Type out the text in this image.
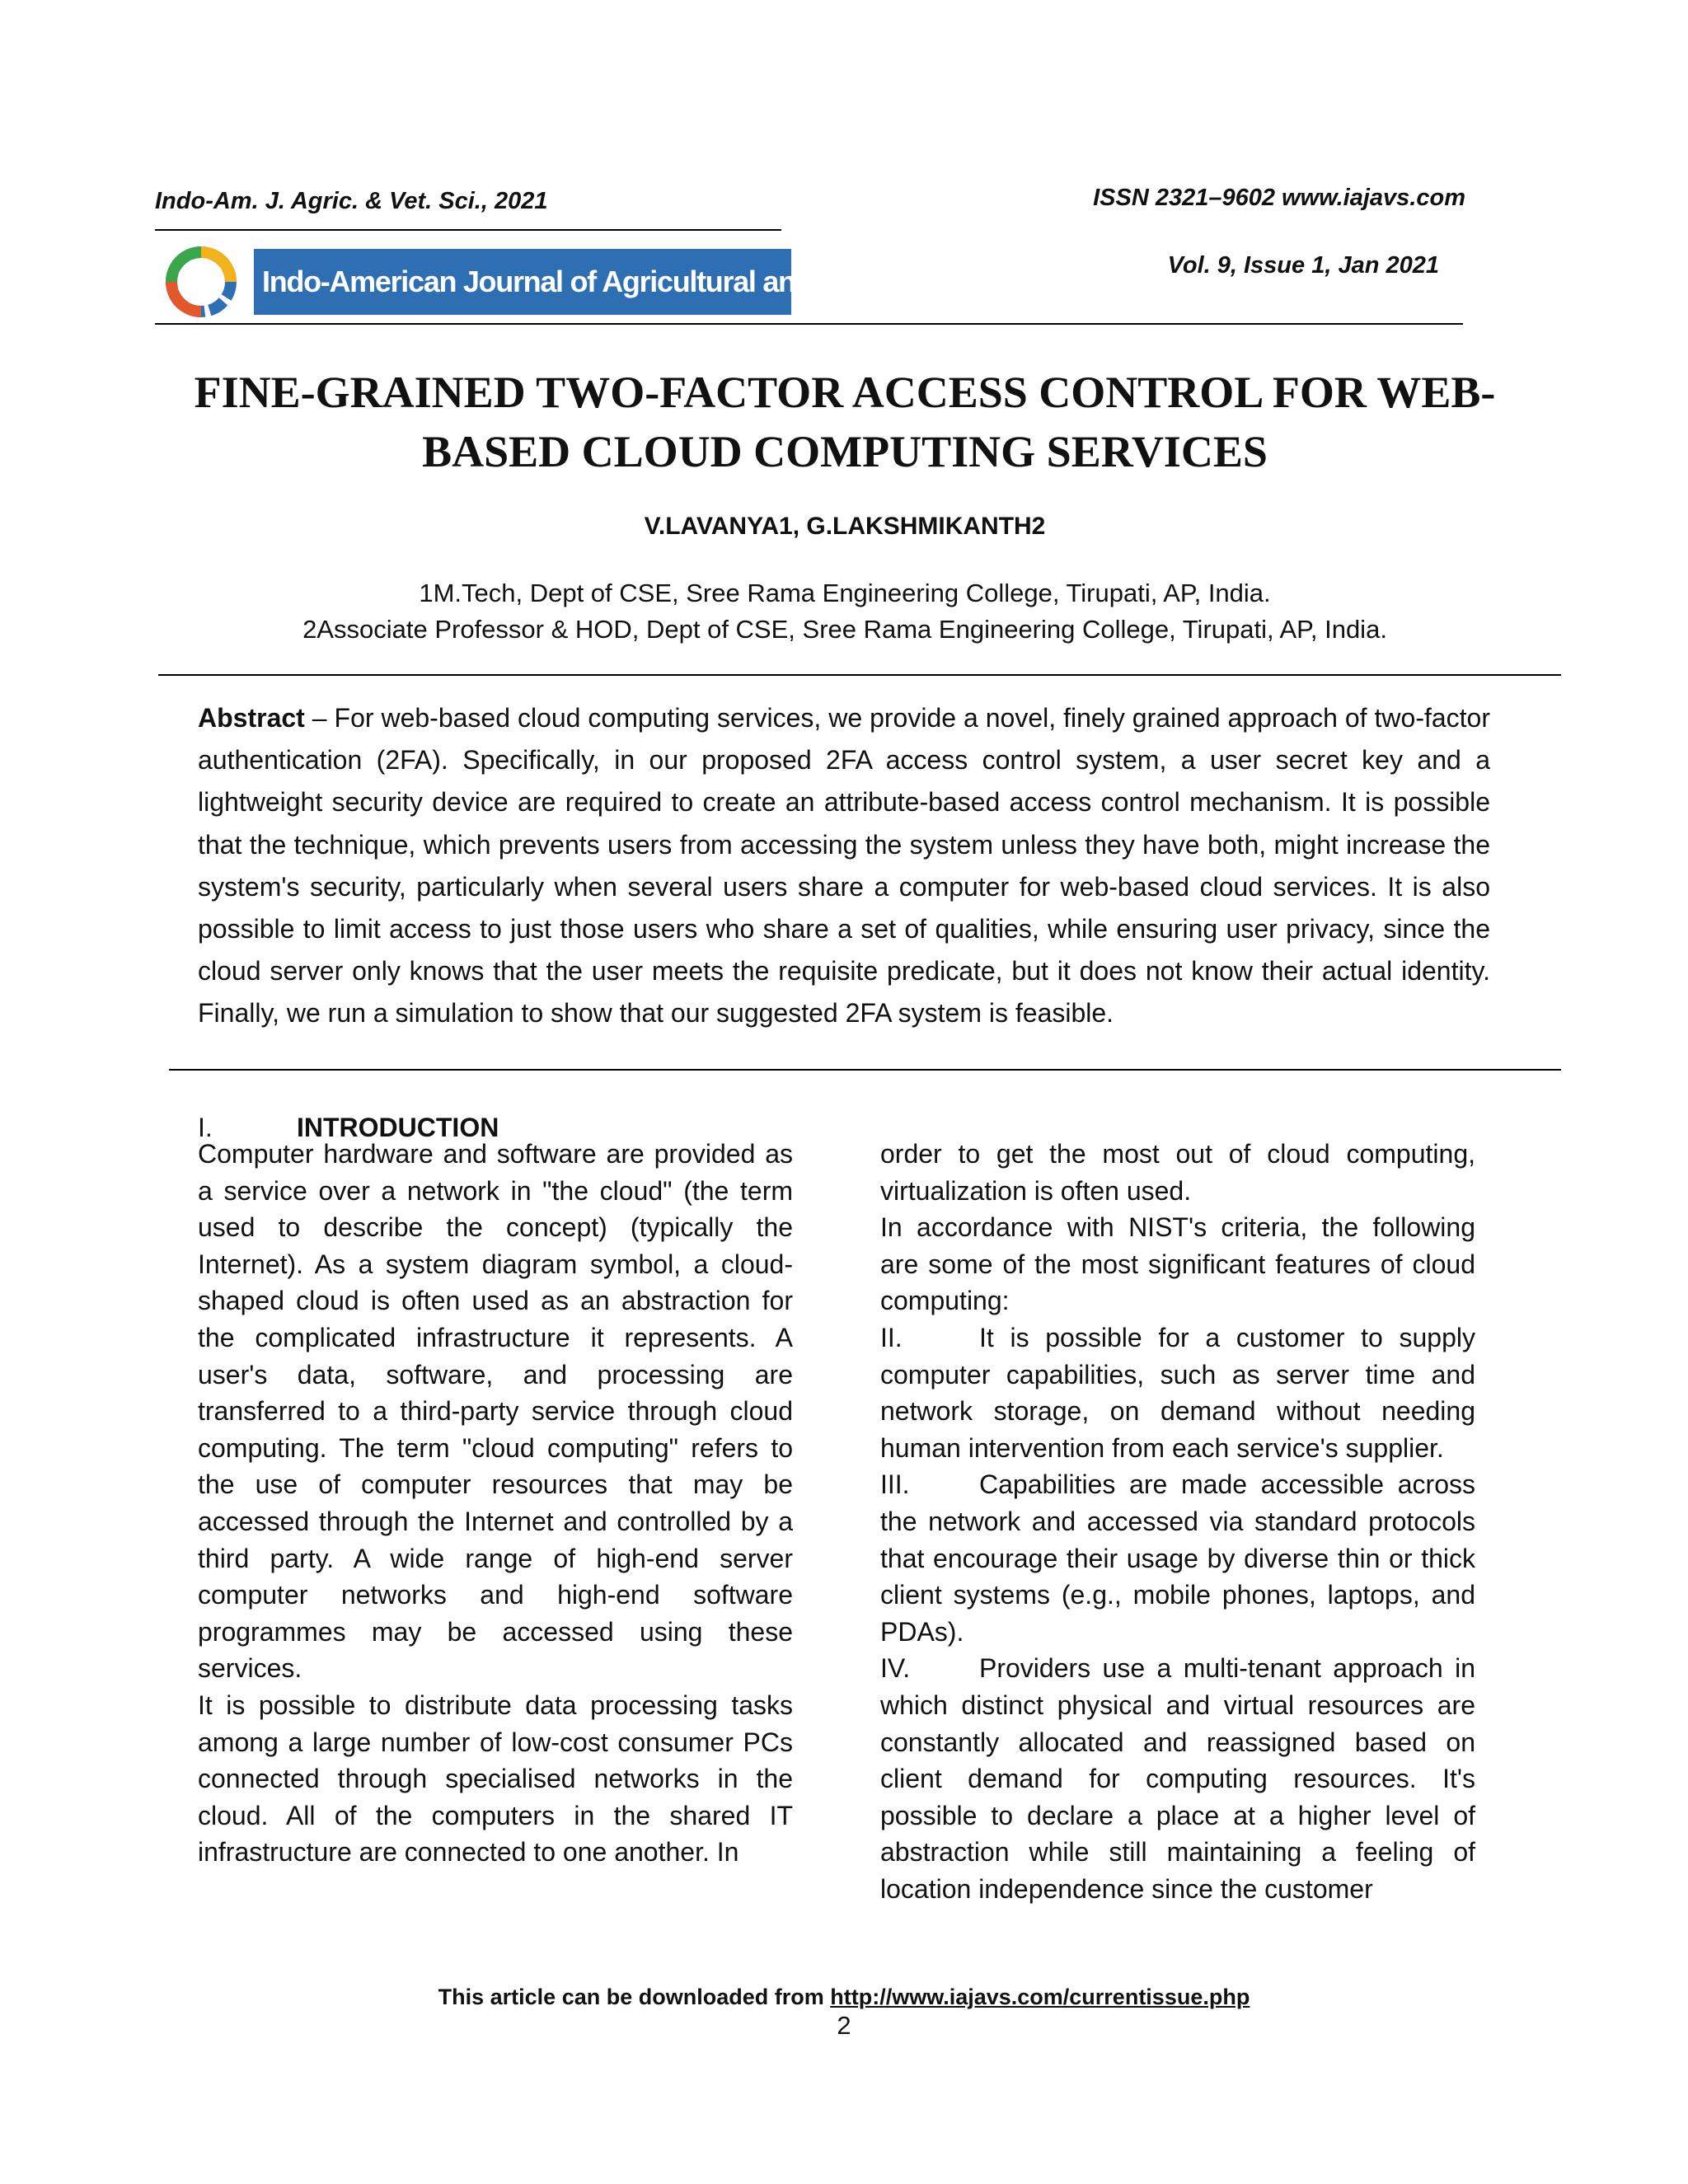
Indo-Am. J. Agric. & Vet. Sci., 2021	ISSN 2321–9602 www.iajavs.com
Vol. 9, Issue 1, Jan 2021
Indo-American Journal of Agricultural and Veterinary Sciences
FINE-GRAINED TWO-FACTOR ACCESS CONTROL FOR WEB-BASED CLOUD COMPUTING SERVICES
V.LAVANYA1, G.LAKSHMIKANTH2
1M.Tech, Dept of CSE, Sree Rama Engineering College, Tirupati, AP, India.
2Associate Professor & HOD, Dept of CSE, Sree Rama Engineering College, Tirupati, AP, India.
Abstract – For web-based cloud computing services, we provide a novel, finely grained approach of two-factor authentication (2FA). Specifically, in our proposed 2FA access control system, a user secret key and a lightweight security device are required to create an attribute-based access control mechanism. It is possible that the technique, which prevents users from accessing the system unless they have both, might increase the system's security, particularly when several users share a computer for web-based cloud services. It is also possible to limit access to just those users who share a set of qualities, while ensuring user privacy, since the cloud server only knows that the user meets the requisite predicate, but it does not know their actual identity. Finally, we run a simulation to show that our suggested 2FA system is feasible.
I.	INTRODUCTION

Computer hardware and software are provided as a service over a network in "the cloud" (the term used to describe the concept) (typically the Internet). As a system diagram symbol, a cloud-shaped cloud is often used as an abstraction for the complicated infrastructure it represents. A user's data, software, and processing are transferred to a third-party service through cloud computing. The term "cloud computing" refers to the use of computer resources that may be accessed through the Internet and controlled by a third party. A wide range of high-end server computer networks and high-end software programmes may be accessed using these services.

It is possible to distribute data processing tasks among a large number of low-cost consumer PCs connected through specialised networks in the cloud. All of the computers in the shared IT infrastructure are connected to one another. In

order to get the most out of cloud computing, virtualization is often used.

In accordance with NIST's criteria, the following are some of the most significant features of cloud computing:

II.	It is possible for a customer to supply computer capabilities, such as server time and network storage, on demand without needing human intervention from each service's supplier.

III.	Capabilities are made accessible across the network and accessed via standard protocols that encourage their usage by diverse thin or thick client systems (e.g., mobile phones, laptops, and PDAs).

IV.	Providers use a multi-tenant approach in which distinct physical and virtual resources are constantly allocated and reassigned based on client demand for computing resources. It's possible to declare a place at a higher level of abstraction while still maintaining a feeling of location independence since the customer

This article can be downloaded from http://www.iajavs.com/currentissue.php
2
